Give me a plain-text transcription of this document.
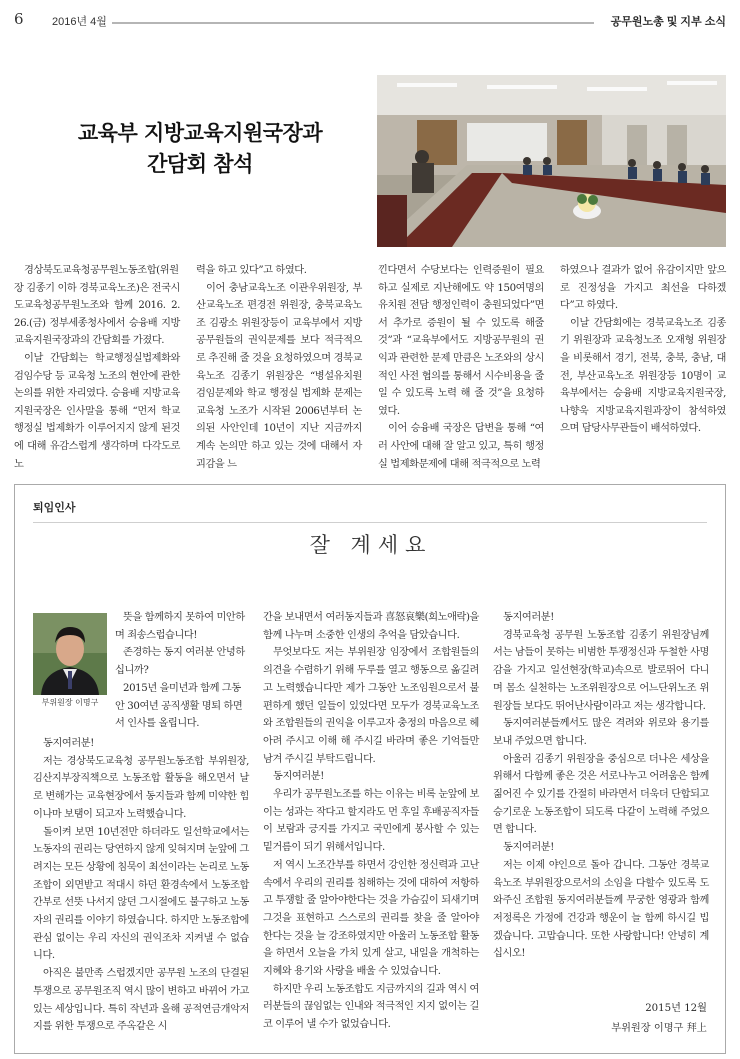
6	2016년 4월	공무원노총 및 지부 소식
교육부 지방교육지원국장과
간담회 참석

경상북도교육청공무원노동조합(위원장 김종기 이하 경북교육노조)은 전국시도교육청공무원노조와 함께 2016. 2. 26.(금) 정부세종청사에서 승융배 지방교육지원국장과의 간담회를 가졌다.

이날 간담회는 학교행정실법제화와 검임수당 등 교육청 노조의 현안에 관한 논의를 위한 자리였다. 승융배 지방교육지원국장은 인사말을 통해 “먼저 학교행정실 법제화가 이루어지지 않게 된것에 대해 유감스럽게 생각하며 다각도로 노

력을 하고 있다”고 하였다.

이어 충남교육노조 이관우위원장, 부산교육노조 편경전 위원장, 충북교육노조 김광소 위원장등이 교육부에서 지방공무원들의 권익문제를 보다 적극적으로 추진해 줄 것을 요청하였으며 경북교육노조 김종기 위원장은 “병설유치원 검임문제와 학교 행정실 법제화 문제는 교육청 노조가 시작된 2006년부터 논의된 사안인데 10년이 지난 지금까지 계속 논의만 하고 있는 것에 대해서 자괴감을 느

낀다면서 수당보다는 인력증원이 필요하고 실제로 지난해에도 약 150여명의 유치원 전담 행정인력이 충원되었다”면서 추가로 증원이 될 수 있도록 해줄 것”과 “교육부에서도 지방공무원의 권익과 관련한 문제 만큼은 노조와의 상시적인 사전 협의를 통해서 시수비용을 줄일 수 있도록 노력 해 줄 것”을 요청하였다.

이어 승융배 국장은 답변을 통해 “여러 사안에 대해 잘 알고 있고, 특히 행정실 법제화문제에 대해 적극적으로 노력

하였으나 결과가 없어 유감이지만 앞으로 진정성을 가지고 최선을 다하겠다”고 하였다.

이날 간담회에는 경북교육노조 김종기 위원장과 교육청노조 오재형 위원장을 비롯해서 경기, 전북, 충북, 충남, 대전, 부산교육노조 위원장등 10명이 교육부에서는 승융배 지방교육지원국장, 나향욱 지방교육지원과장이 참석하였으며 담당사무관들이 배석하였다.

퇴임인사
잘 계세요
부위원장 이명구

뜻을 함께하지 못하여 미안하며 죄송스럽습니다!

존경하는 동지 여러분 안녕하십니까?

2015년 을미년과 함께 그동안 30여년 공직생활 명퇴 하면서 인사를 올립니다.

동지여러분!

저는 경상북도교육청 공무원노동조합 부위원장, 김산지부장직책으로 노동조합 활동을 해오면서 날로 변해가는 교육현장에서 동지들과 함께 미약한 힘이나마 보탬이 되고자 노력했습니다.

돌이켜 보면 10년전만 하더라도 일선학교에서는 노동자의 권리는 당연하지 않게 잊혀지며 눈앞에 그려지는 모든 상황에 침묵이 최선이라는 논리로 노동조합이 외면받고 적대시 하던 환경속에서 노동조합간부로 선뜻 나서지 않던 그시절에도 불구하고 노동자의 권리를 이야기 하였습니다. 하지만 노동조합에 관심 없이는 우리 자신의 권익조차 지켜낼 수 없습니다.

아직은 불만족 스럽겠지만 공무원 노조의 단결된 투쟁으로 공무원조직 역시 많이 변하고 바뀌어 가고 있는 세상입니다. 특히 작년과 올해 공적연금개악저지를 위한 투쟁으로 주옥같은 시

간을 보내면서 여러동지들과 喜怒哀樂(희노애락)을 함께 나누며 소중한 인생의 추억을 담았습니다.

무엇보다도 저는 부위원장 임장에서 조합원들의 의견을 수렴하기 위해 두루를 열고 행동으로 옮길려고 노력했습니다만 제가 그동안 노조임원으로서 불편하게 했던 일들이 있었다면 모두가 경북교육노조와 조합원들의 권익을 이루고자 충정의 마음으로 헤아려 주시고 이해 해 주시길 바라며 좋은 기억들만 남겨 주시길 부탁드립니다.

동지여러분!

우리가 공무원노조를 하는 이유는 비록 눈앞에 보이는 성과는 작다고 할지라도 먼 후일 후배공직자들이 보람과 긍지를 가지고 국민에게 봉사할 수 있는 밑거름이 되기 위해서입니다.

저 역시 노조간부를 하면서 강인한 정신력과 고난속에서 우리의 권리를 침해하는 것에 대하여 저항하고 투쟁할 줄 알아야한다는 것을 가슴깊이 되새기며 그것을 표현하고 스스로의 권리를 찾을 줄 알아야 한다는 것을 늘 강조하였지만 아울러 노동조합 활동을 하면서 오늘을 가치 있게 살고, 내일을 개척하는 지혜와 용기와 사랑을 배울 수 있었습니다.

하지만 우리 노동조합도 지금까지의 길과 역시 여러분들의 끊임없는 인내와 적극적인 지지 없이는 길코 이루어 낼 수가 없었습니다.

동지여러분!

경북교육청 공무원 노동조합 김종기 위원장님께서는 남들이 못하는 비범한 투쟁정신과 두철한 사명감을 가지고 일선현장(학교)속으로 발로뛰어 다니며 몸소 실천하는 노조위원장으로 어느단위노조 위원장들 보다도 뛰어난사람이라고 저는 생각합니다.

동지여러분들께서도 많은 격려와 위로와 용기를 보내 주었으면 합니다.

아울러 김종기 위원장을 중심으로 더나은 세상을 위해서 다함께 좋은 것은 서로나누고 어려움은 함께 짊어진 수 있기를 간절히 바라면서 더욱더 단합되고 승기로운 노동조합이 되도록 다같이 노력해 주었으면 합니다.

동지여러분!

저는 이제 야인으로 돌아 갑니다. 그동안 경북교육노조 부위원장으로서의 소임을 다할수 있도록 도와주신 조합원 동지여러분들께 무궁한 영광과 함께 저정록은 가정에 건강과 행운이 늘 함께 하시길 빕겠습니다. 고맙습니다. 또한 사랑합니다! 안녕히 계십시오!

2015년 12월
부위원장 이명구 拜上
